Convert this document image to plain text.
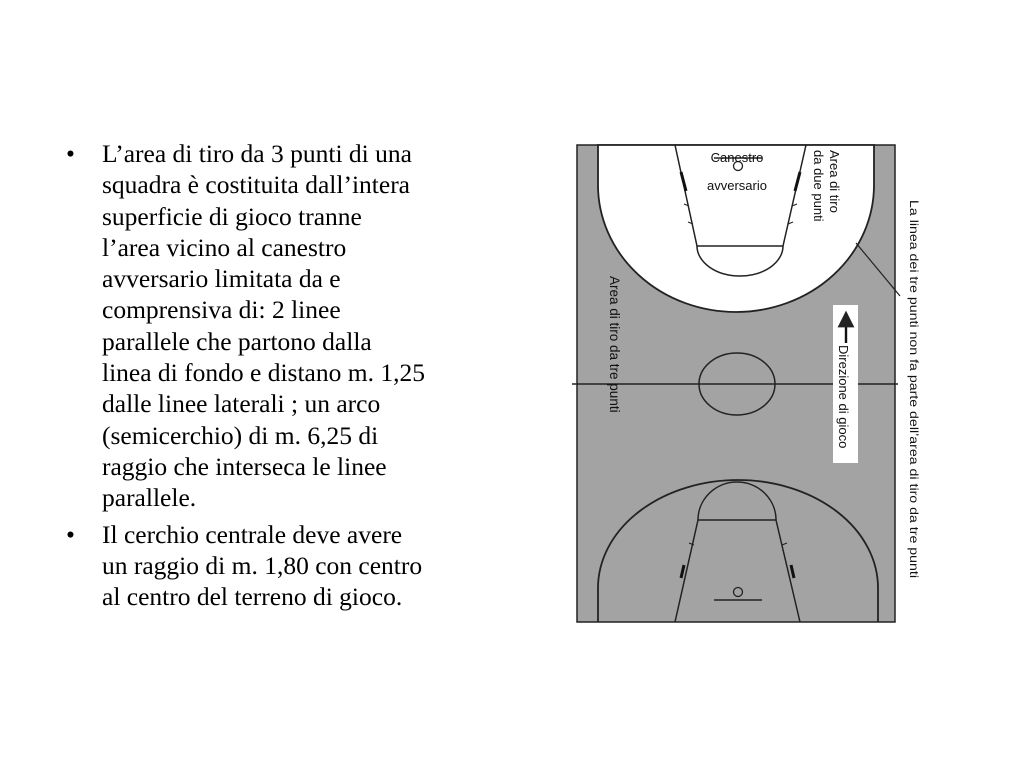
• L’area di tiro da 3 punti di una
squadra è costituita dall’intera
superficie di gioco tranne
l’area vicino al canestro
avversario limitata da e
comprensiva di: 2 linee
parallele che partono dalla
linea di fondo e distano m. 1,25
dalle linee laterali ; un arco
(semicerchio) di m. 6,25 di
raggio che interseca le linee
parallele.
• Il cerchio centrale deve avere
un raggio di m. 1,80 con centro
al centro del terreno di gioco.
Canestro
avversario	Area di tiro
da due punti
Area di tiro da tre punti	Direzione di gioco	La linea dei tre punti non fa parte dell’area di tiro da tre punti
